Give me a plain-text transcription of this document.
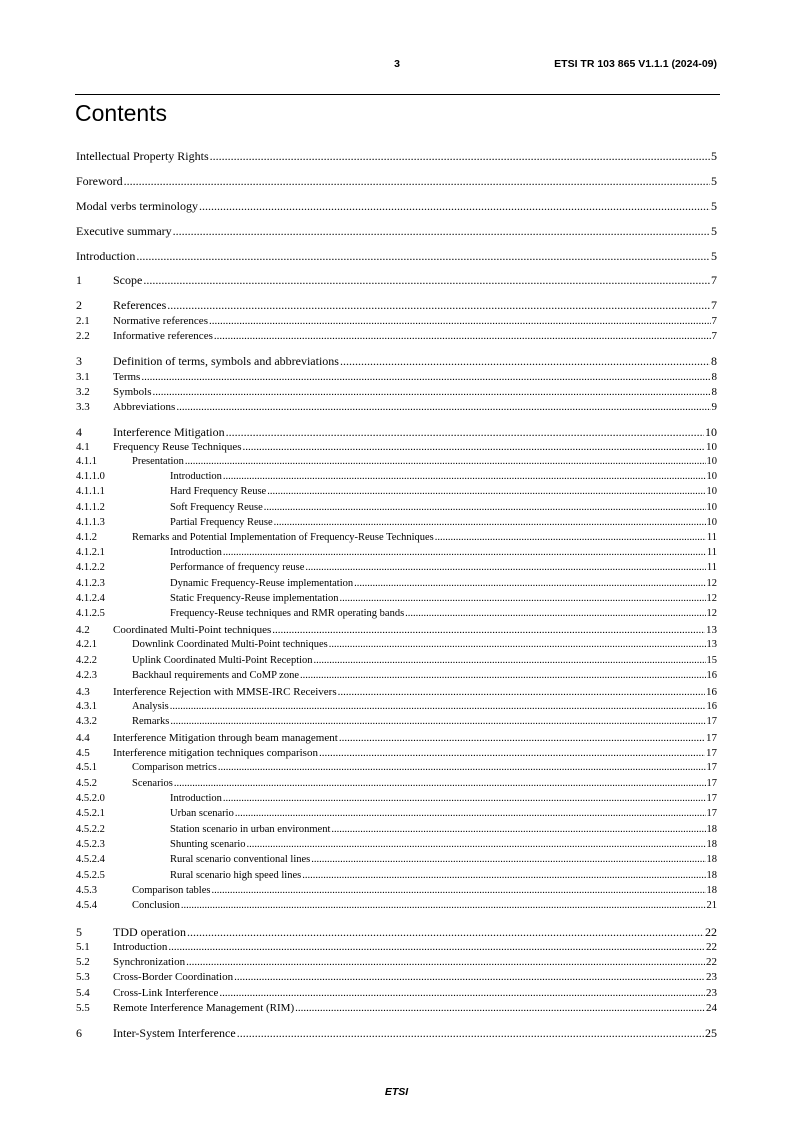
3	ETSI TR 103 865 V1.1.1 (2024-09)
Contents
Intellectual Property Rights .....	5
Foreword .....	5
Modal verbs terminology .....	5
Executive summary .....	5
Introduction .....	5
1	Scope .....	7
2	References .....	7
2.1 Normative references .....	7
2.2 Informative references .....	7
3	Definition of terms, symbols and abbreviations .....	8
3.1 Terms .....	8
3.2 Symbols .....	8
3.3 Abbreviations .....	9
4	Interference Mitigation .....	10
4.1 Frequency Reuse Techniques .....	10
4.1.1	Presentation .....	10
4.1.1.0	Introduction .....	10
4.1.1.1	Hard Frequency Reuse .....	10
4.1.1.2	Soft Frequency Reuse .....	10
4.1.1.3	Partial Frequency Reuse .....	10
4.1.2	Remarks and Potential Implementation of Frequency-Reuse Techniques .....	11
4.1.2.1	Introduction .....	11
4.1.2.2	Performance of frequency reuse .....	11
4.1.2.3	Dynamic Frequency-Reuse implementation .....	12
4.1.2.4	Static Frequency-Reuse implementation .....	12
4.1.2.5	Frequency-Reuse techniques and RMR operating bands .....	12
4.2 Coordinated Multi-Point techniques .....	13
4.2.1	Downlink Coordinated Multi-Point techniques .....	13
4.2.2	Uplink Coordinated Multi-Point Reception .....	15
4.2.3	Backhaul requirements and CoMP zone .....	16
4.3 Interference Rejection with MMSE-IRC Receivers .....	16
4.3.1	Analysis .....	16
4.3.2	Remarks .....	17
4.4 Interference Mitigation through beam management .....	17
4.5 Interference mitigation techniques comparison .....	17
4.5.1	Comparison metrics .....	17
4.5.2	Scenarios .....	17
4.5.2.0	Introduction .....	17
4.5.2.1	Urban scenario .....	17
4.5.2.2	Station scenario in urban environment .....	18
4.5.2.3	Shunting scenario .....	18
4.5.2.4	Rural scenario conventional lines .....	18
4.5.2.5	Rural scenario high speed lines .....	18
4.5.3	Comparison tables .....	18
4.5.4	Conclusion .....	21
5	TDD operation .....	22
5.1 Introduction .....	22
5.2 Synchronization .....	22
5.3 Cross-Border Coordination .....	23
5.4 Cross-Link Interference .....	23
5.5 Remote Interference Management (RIM) .....	24
6	Inter-System Interference .....	25
ETSI
